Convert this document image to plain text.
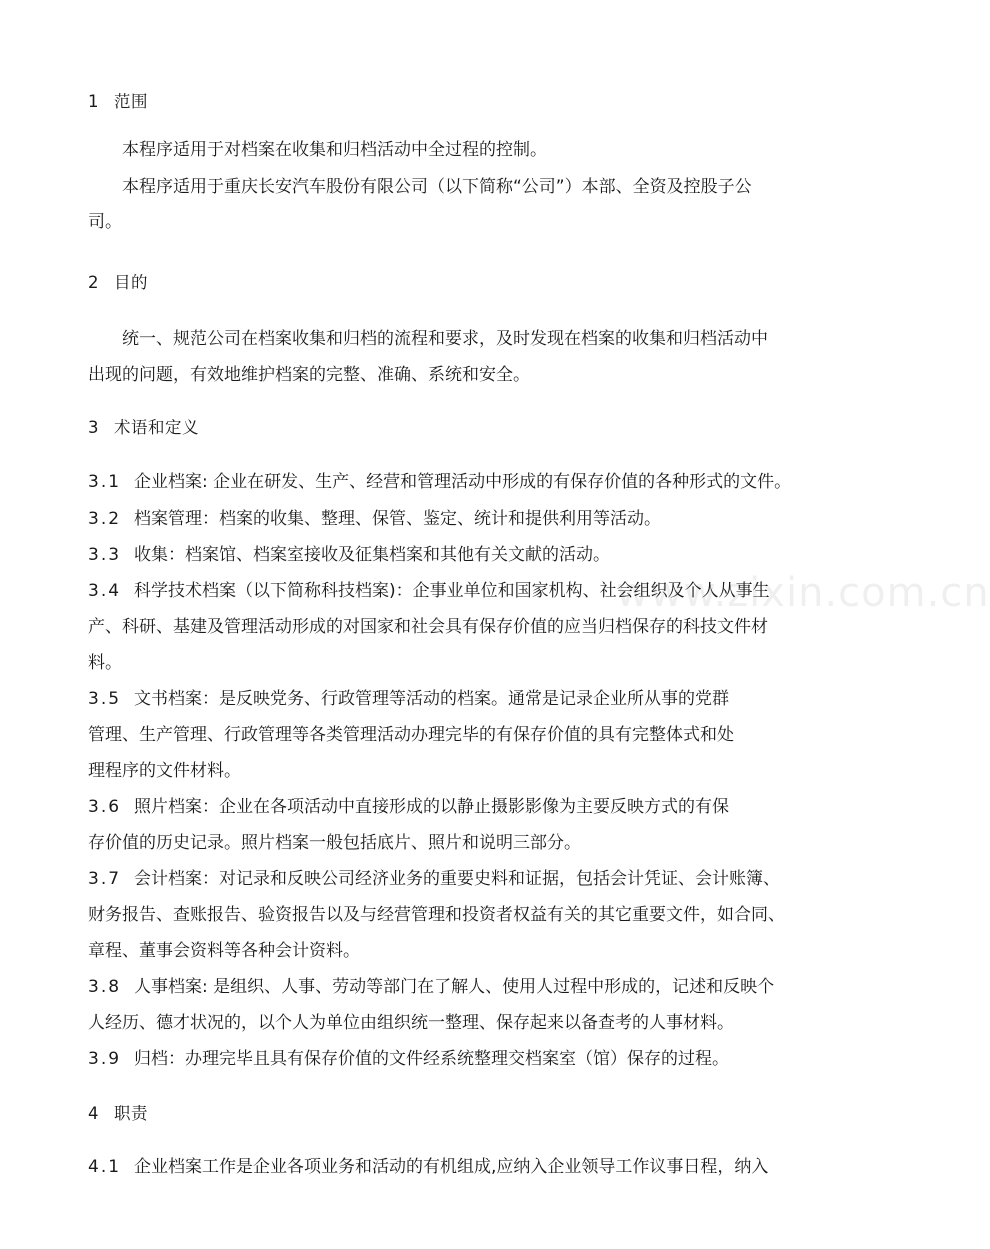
www.zixin.com.cn
1 范围
本程序适用于对档案在收集和归档活动中全过程的控制。
本程序适用于重庆长安汽车股份有限公司（以下简称“公司”）本部、全资及控股子公
司。
2 目的
统一、规范公司在档案收集和归档的流程和要求，及时发现在档案的收集和归档活动中
出现的问题，有效地维护档案的完整、准确、系统和安全。
3 术语和定义
3.1 企业档案: 企业在研发、生产、经营和管理活动中形成的有保存价值的各种形式的文件。
3.2 档案管理：档案的收集、整理、保管、鉴定、统计和提供利用等活动。
3.3 收集：档案馆、档案室接收及征集档案和其他有关文献的活动。
3.4 科学技术档案（以下简称科技档案)：企事业单位和国家机构、社会组织及个人从事生
产、科研、基建及管理活动形成的对国家和社会具有保存价值的应当归档保存的科技文件材
料。
3.5 文书档案：是反映党务、行政管理等活动的档案。通常是记录企业所从事的党群
管理、生产管理、行政管理等各类管理活动办理完毕的有保存价值的具有完整体式和处
理程序的文件材料。
3.6 照片档案：企业在各项活动中直接形成的以静止摄影影像为主要反映方式的有保
存价值的历史记录。照片档案一般包括底片、照片和说明三部分。
3.7 会计档案：对记录和反映公司经济业务的重要史料和证据，包括会计凭证、会计账簿、
财务报告、查账报告、验资报告以及与经营管理和投资者权益有关的其它重要文件，如合同、
章程、董事会资料等各种会计资料。
3.8 人事档案: 是组织、人事、劳动等部门在了解人、使用人过程中形成的，记述和反映个
人经历、德才状况的，以个人为单位由组织统一整理、保存起来以备查考的人事材料。
3.9 归档：办理完毕且具有保存价值的文件经系统整理交档案室（馆）保存的过程。
4 职责
4.1 企业档案工作是企业各项业务和活动的有机组成,应纳入企业领导工作议事日程，纳入
